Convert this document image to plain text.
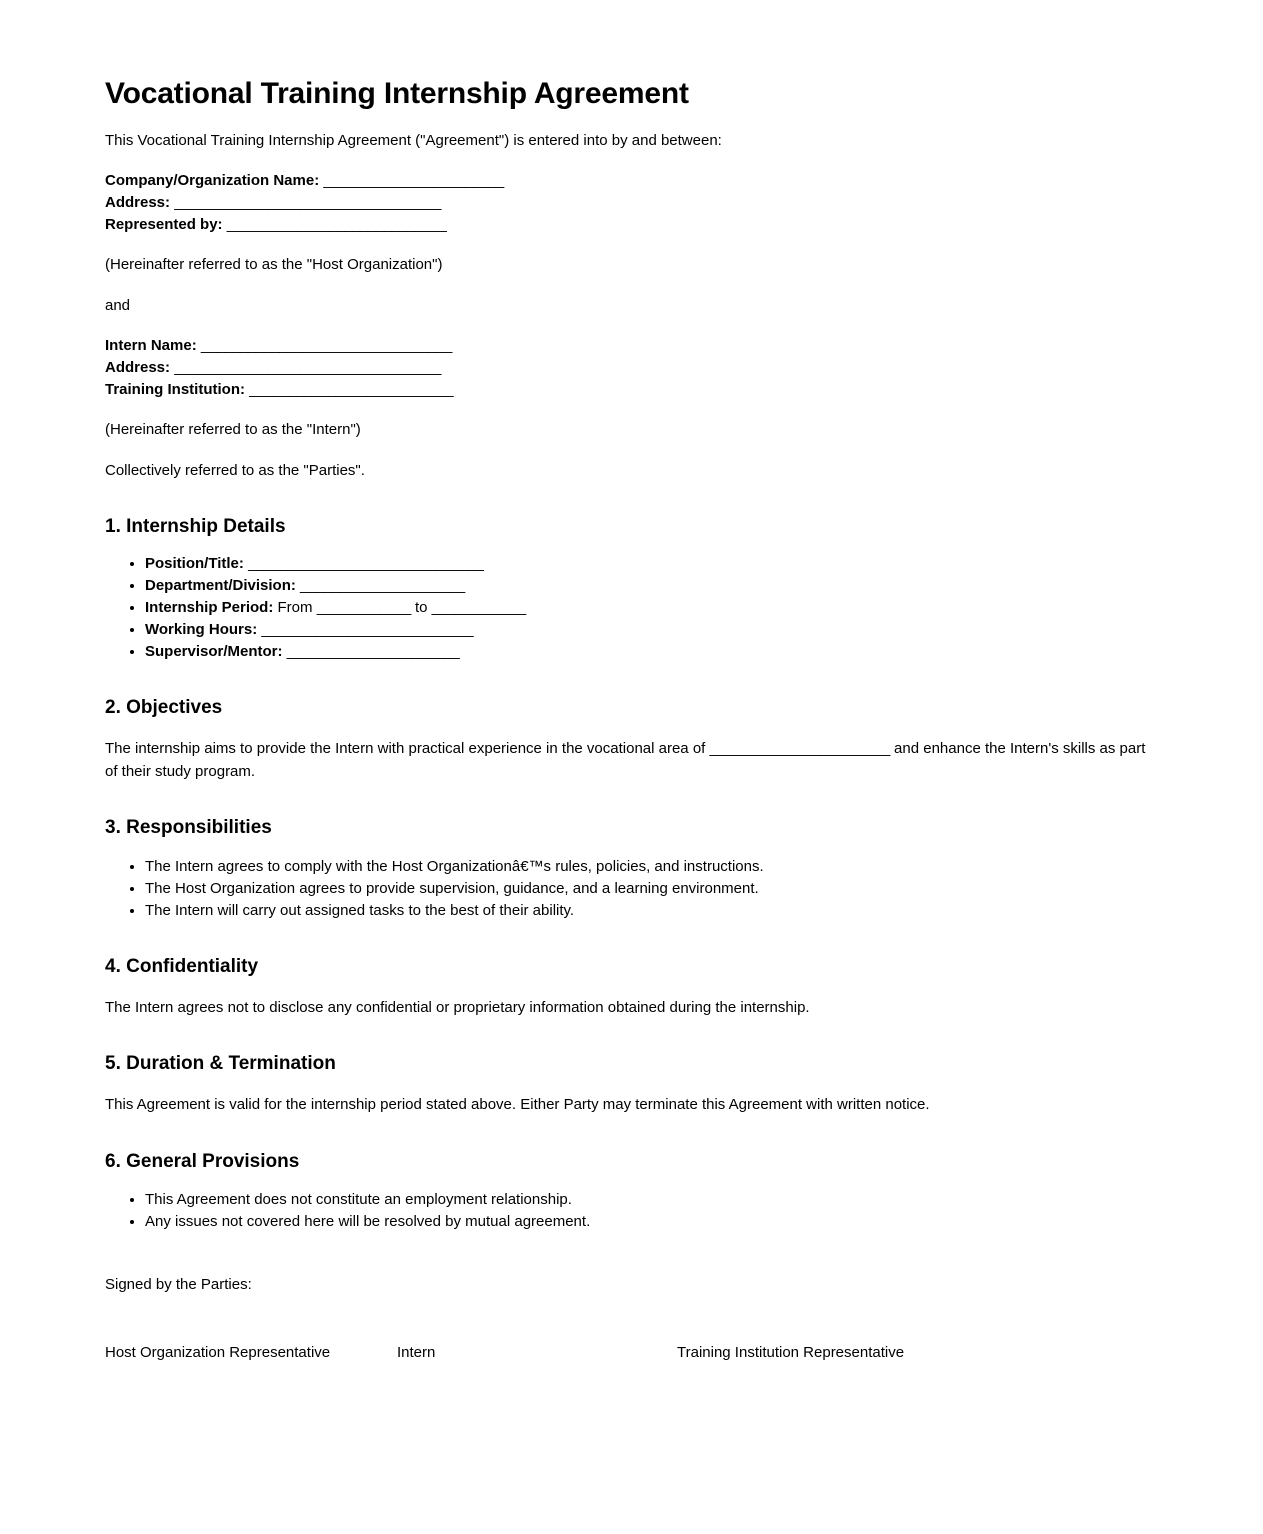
Vocational Training Internship Agreement

This Vocational Training Internship Agreement ("Agreement") is entered into by and between:

Company/Organization Name: _______________________
Address: __________________________________
Represented by: ____________________________

(Hereinafter referred to as the "Host Organization")

and

Intern Name: ________________________________
Address: __________________________________
Training Institution: __________________________

(Hereinafter referred to as the "Intern")

Collectively referred to as the "Parties".

1. Internship Details
• Position/Title: ______________________________
• Department/Division: _____________________
• Internship Period: From ____________ to ____________
• Working Hours: ___________________________
• Supervisor/Mentor: ______________________
2. Objectives

The internship aims to provide the Intern with practical experience in the vocational area of _______________________ and enhance the Intern's skills as part of their study program.

3. Responsibilities
• The Intern agrees to comply with the Host Organizationâ€™s rules, policies, and instructions.
• The Host Organization agrees to provide supervision, guidance, and a learning environment.
• The Intern will carry out assigned tasks to the best of their ability.
4. Confidentiality

The Intern agrees not to disclose any confidential or proprietary information obtained during the internship.

5. Duration & Termination

This Agreement is valid for the internship period stated above. Either Party may terminate this Agreement with written notice.

6. General Provisions
• This Agreement does not constitute an employment relationship.
• Any issues not covered here will be resolved by mutual agreement.

Signed by the Parties:

Host Organization Representative	Intern	Training Institution Representative
